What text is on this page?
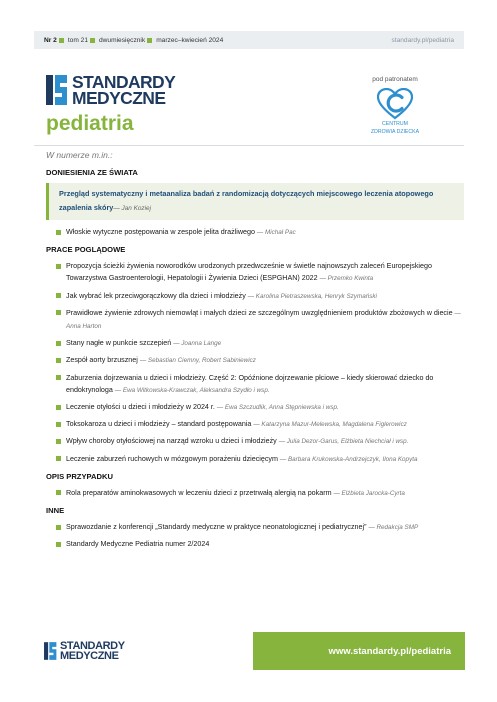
Nr 2 tom 21 dwumiesięcznik marzec–kwiecień 2024	standardy.pl/pediatria
STANDARDY
MEDYCZNE
pediatria
pod patronatem
CENTRUM
ZDROWIA DZIECKA
W numerze m.in.:
DONIESIENIA ZE ŚWIATA

Przegląd systematyczny i metaanaliza badań z randomizacją dotyczących miejscowego leczenia atopowego zapalenia skóry— Jan Koziej

Włoskie wytyczne postępowania w zespole jelita drażliwego — Michał Pac
PRACE POGLĄDOWE
Propozycja ścieżki żywienia noworodków urodzonych przedwcześnie w świetle najnowszych zaleceń Europejskiego Towarzystwa Gastroenterologii, Hepatologii i Żywienia Dzieci (ESPGHAN) 2022 — Przemko Kwinta
Jak wybrać lek przeciwgorączkowy dla dzieci i młodzieży — Karolina Pietraszewska, Henryk Szymański
Prawidłowe żywienie zdrowych niemowląt i małych dzieci ze szczególnym uwzględnieniem produktów zbożowych w diecie — Anna Harton
Stany nagłe w punkcie szczepień — Joanna Lange
Zespół aorty brzusznej — Sebastian Ciemny, Robert Sabiniewicz
Zaburzenia dojrzewania u dzieci i młodzieży. Część 2: Opóźnione dojrzewanie płciowe – kiedy skierować dziecko do endokrynologa — Ewa Witkowska-Krawczak, Aleksandra Szydło i wsp.
Leczenie otyłości u dzieci i młodzieży w 2024 r. — Ewa Szczudlik, Anna Stępniewska i wsp.
Toksokaroza u dzieci i młodzieży – standard postępowania — Katarzyna Mazur-Melewska, Magdalena Figlerowicz
Wpływ choroby otyłościowej na narząd wzroku u dzieci i młodzieży — Julia Dezor-Garus, Elżbieta Niechciał i wsp.
Leczenie zaburzeń ruchowych w mózgowym porażeniu dziecięcym — Barbara Krukowska-Andrzejczyk, Ilona Kopyta
OPIS PRZYPADKU
Rola preparatów aminokwasowych w leczeniu dzieci z przetrwałą alergią na pokarm — Elżbieta Jarocka-Cyrta
INNE
Sprawozdanie z konferencji „Standardy medyczne w praktyce neonatologicznej i pediatrycznej” — Redakcja SMP
Standardy Medyczne Pediatria numer 2/2024
STANDARDY
MEDYCZNE	www.standardy.pl/pediatria
